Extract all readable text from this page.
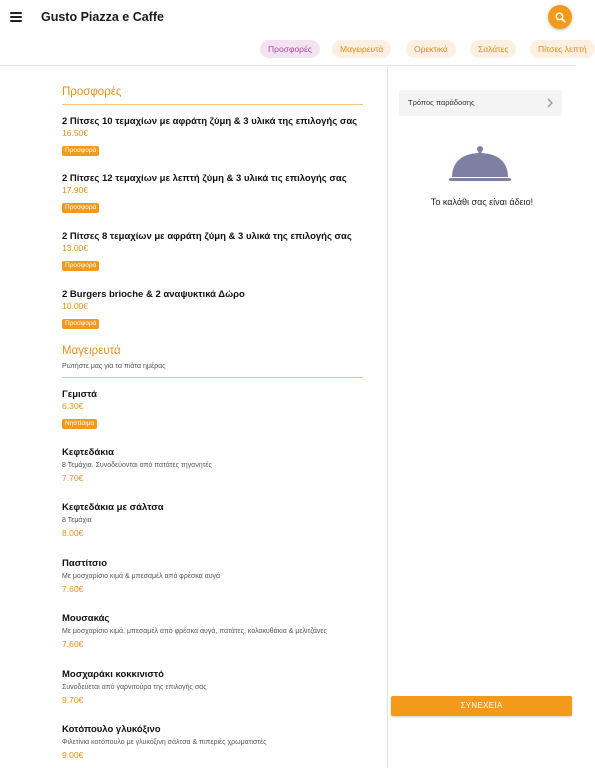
Gusto Piazza e Caffe
Προσφορές	Μαγειρευτά	Ορεκτικά	Σαλάτες	Πίτσες λεπτή
Προσφορές
2 Πίτσες 10 τεμαχίων με αφράτη ζύμη & 3 υλικά της επιλογής σας
16.50€
Προσφορά
2 Πίτσες 12 τεμαχίων με λεπτή ζύμη & 3 υλικά τις επιλογής σας
17.90€
Προσφορά
2 Πίτσες 8 τεμαχίων με αφράτη ζύμη & 3 υλικά της επιλογής σας
13.00€
Προσφορά
2 Burgers brioche & 2 αναψυκτικά Δώρο
10.00€
Προσφορά
Μαγειρευτά
Ρωτήστε μας για τα πιάτα ημέρας
Γεμιστά
6.30€
Νηστίσιμο
Κεφτεδάκια
8 Τεμάχια. Συνοδεύονται από πατάτες τηγανητές
7.70€
Κεφτεδάκια με σάλτσα
8 Τεμάχια
8.00€
Παστίτσιο
Με μοσχαρίσιο κιμά & μπεσαμέλ από φρέσκα αυγά
7.60€
Μουσακάς
Με μοσχαρίσιο κιμά, μπεσαμέλ από φρέσκα αυγά, πατάτες, κολοκυθάκια & μελιτζάνες
7.60€
Μοσχαράκι κοκκινιστό
Συνοδεύεται από γαρνιτούρα της επιλογής σας
9.70€
Κοτόπουλο γλυκόξινο
Φιλετίνια κοτόπουλο με γλυκόξινη σάλτσα & πιπεριές χρωματιστές
9.00€
Τρόπος παράδοσης
Το καλάθι σας είναι άδειο!
ΣΥΝΕΧΕΙΑ
